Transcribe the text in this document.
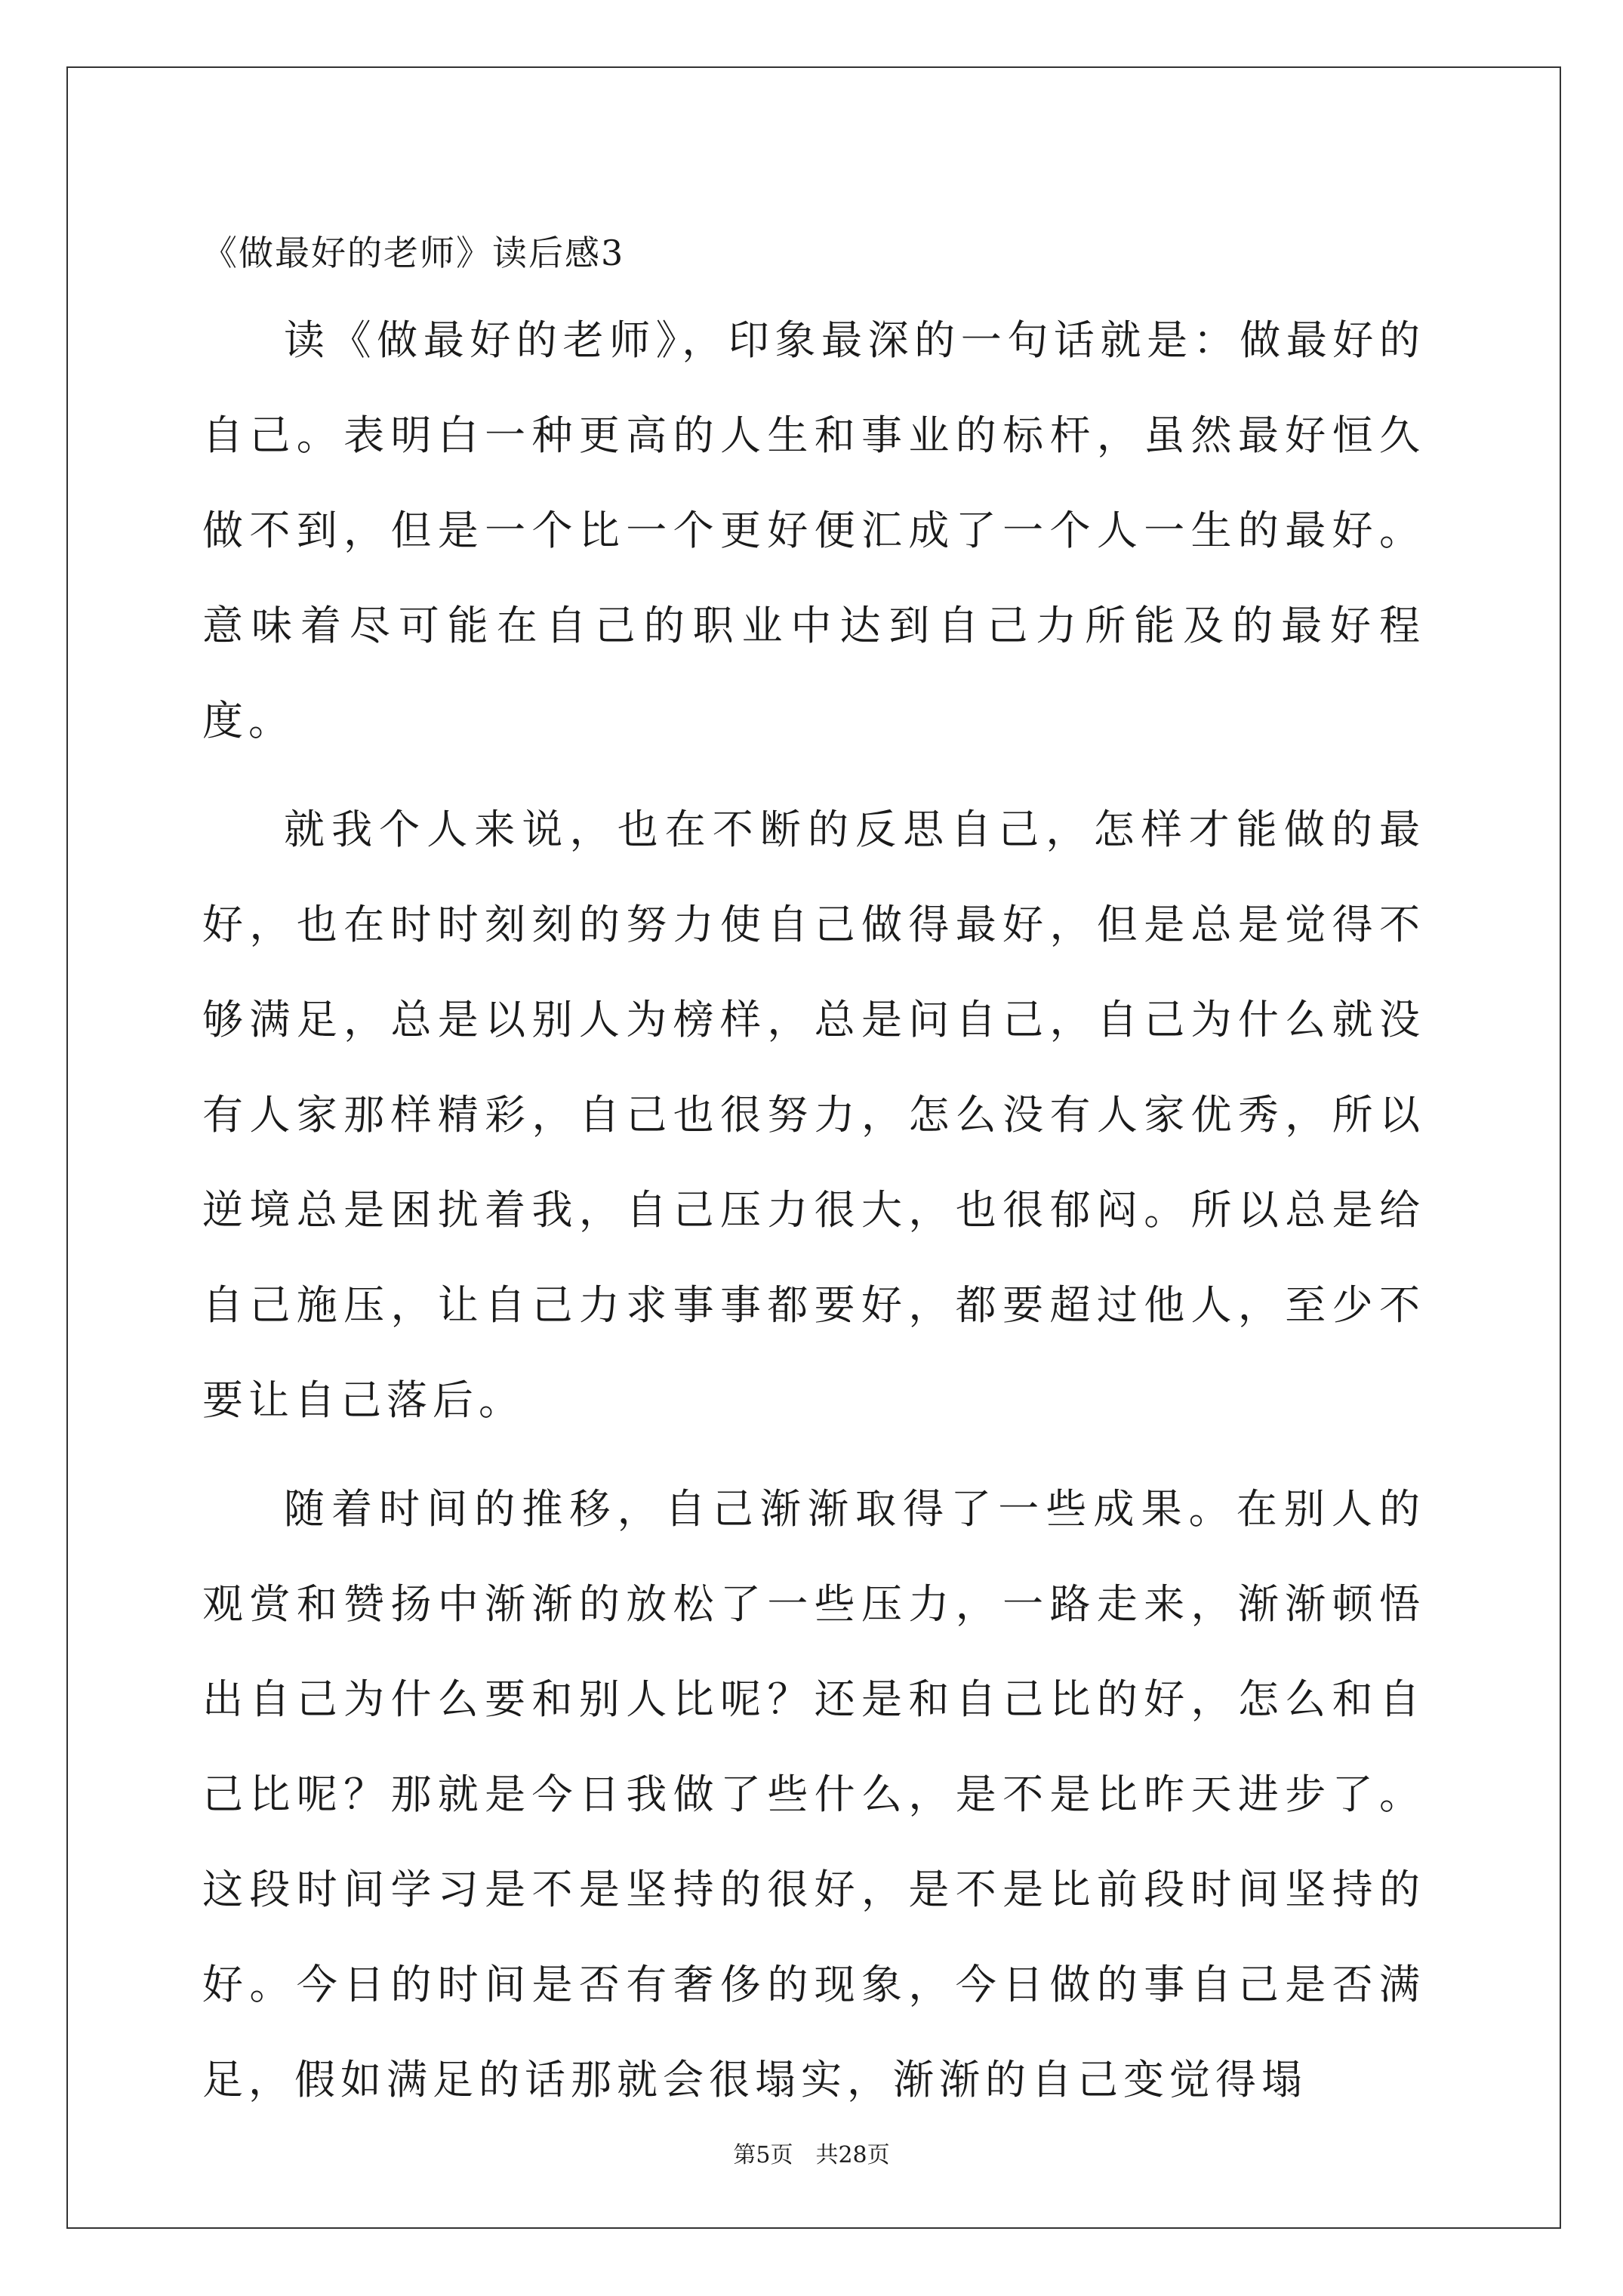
《做最好的老师》读后感3

读《做最好的老师》，印象最深的一句话就是：做最好的自己。表明白一种更高的人生和事业的标杆，虽然最好恒久做不到，但是一个比一个更好便汇成了一个人一生的最好。意味着尽可能在自己的职业中达到自己力所能及的最好程度。

就我个人来说，也在不断的反思自己，怎样才能做的最好，也在时时刻刻的努力使自己做得最好，但是总是觉得不够满足，总是以别人为榜样，总是问自己，自己为什么就没有人家那样精彩，自己也很努力，怎么没有人家优秀，所以逆境总是困扰着我，自己压力很大，也很郁闷。所以总是给自己施压，让自己力求事事都要好，都要超过他人，至少不要让自己落后。

随着时间的推移，自己渐渐取得了一些成果。在别人的观赏和赞扬中渐渐的放松了一些压力，一路走来，渐渐顿悟出自己为什么要和别人比呢？还是和自己比的好，怎么和自己比呢？那就是今日我做了些什么，是不是比昨天进步了。这段时间学习是不是坚持的很好，是不是比前段时间坚持的好。今日的时间是否有奢侈的现象，今日做的事自己是否满足，假如满足的话那就会很塌实，渐渐的自己变觉得塌

第5页 共28页
